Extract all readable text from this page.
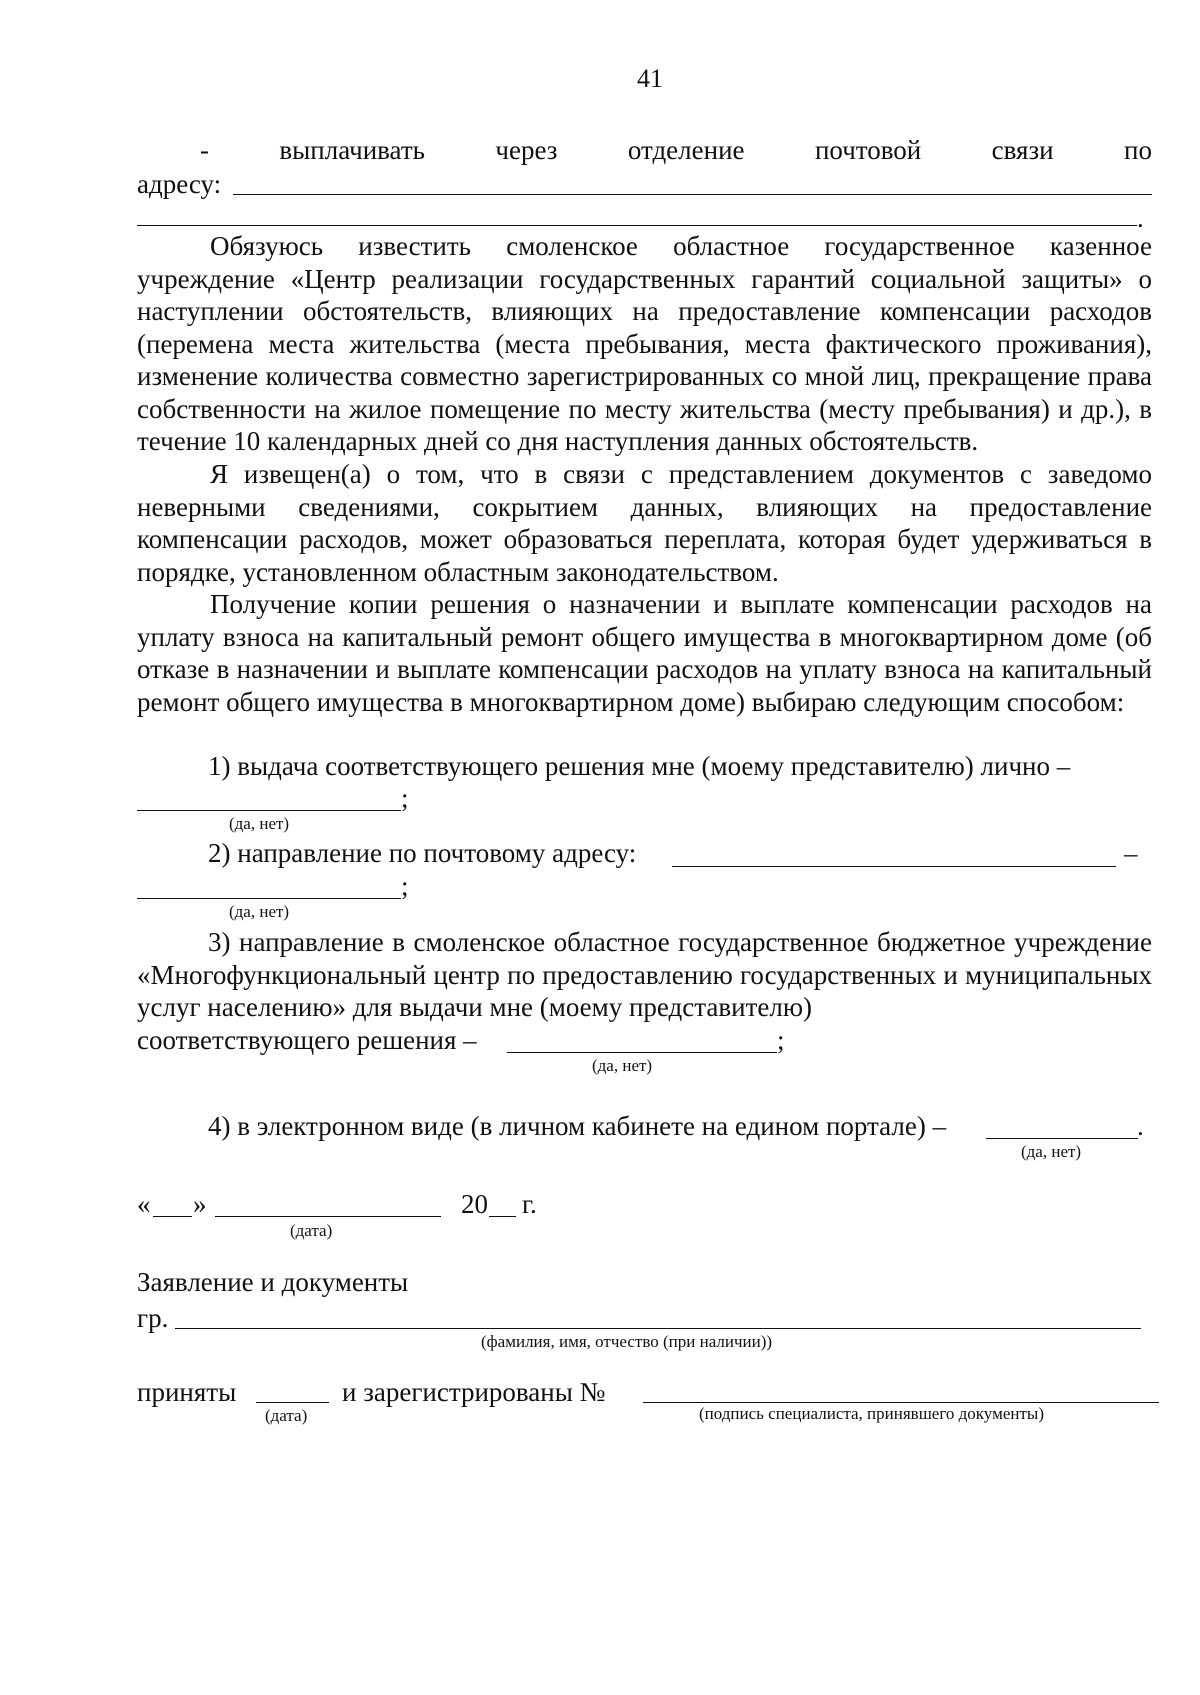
41
-	выплачивать	через	отделение	почтовой	связи	по
адресу:
.
Обязуюсь известить смоленское областное государственное казенное учреждение «Центр реализации государственных гарантий социальной защиты» о наступлении обстоятельств, влияющих на предоставление компенсации расходов (перемена места жительства (места пребывания, места фактического проживания), изменение количества совместно зарегистрированных со мной лиц, прекращение права собственности на жилое помещение по месту жительства (месту пребывания) и др.), в течение 10 календарных дней со дня наступления данных обстоятельств.
Я извещен(а) о том, что в связи с представлением документов с заведомо неверными сведениями, сокрытием данных, влияющих на предоставление компенсации расходов, может образоваться переплата, которая будет удерживаться в порядке, установленном областным законодательством.
Получение копии решения о назначении и выплате компенсации расходов на уплату взноса на капитальный ремонт общего имущества в многоквартирном доме (об отказе в назначении и выплате компенсации расходов на уплату взноса на капитальный ремонт общего имущества в многоквартирном доме) выбираю следующим способом:
1) выдача соответствующего решения мне (моему представителю) лично –
;
(да, нет)
2) направление по почтовому адресу:	–
;
(да, нет)
3) направление в смоленское областное государственное бюджетное учреждение «Многофункциональный центр по предоставлению государственных и муниципальных услуг населению» для выдачи мне (моему представителю)
соответствующего решения –	;
(да, нет)
4) в электронном виде (в личном кабинете на едином портале) –	.
(да, нет)
« »	20 г.
(дата)
Заявление и документы
гр.
(фамилия, имя, отчество (при наличии))
приняты	и зарегистрированы №
(дата)	(подпись специалиста, принявшего документы)
